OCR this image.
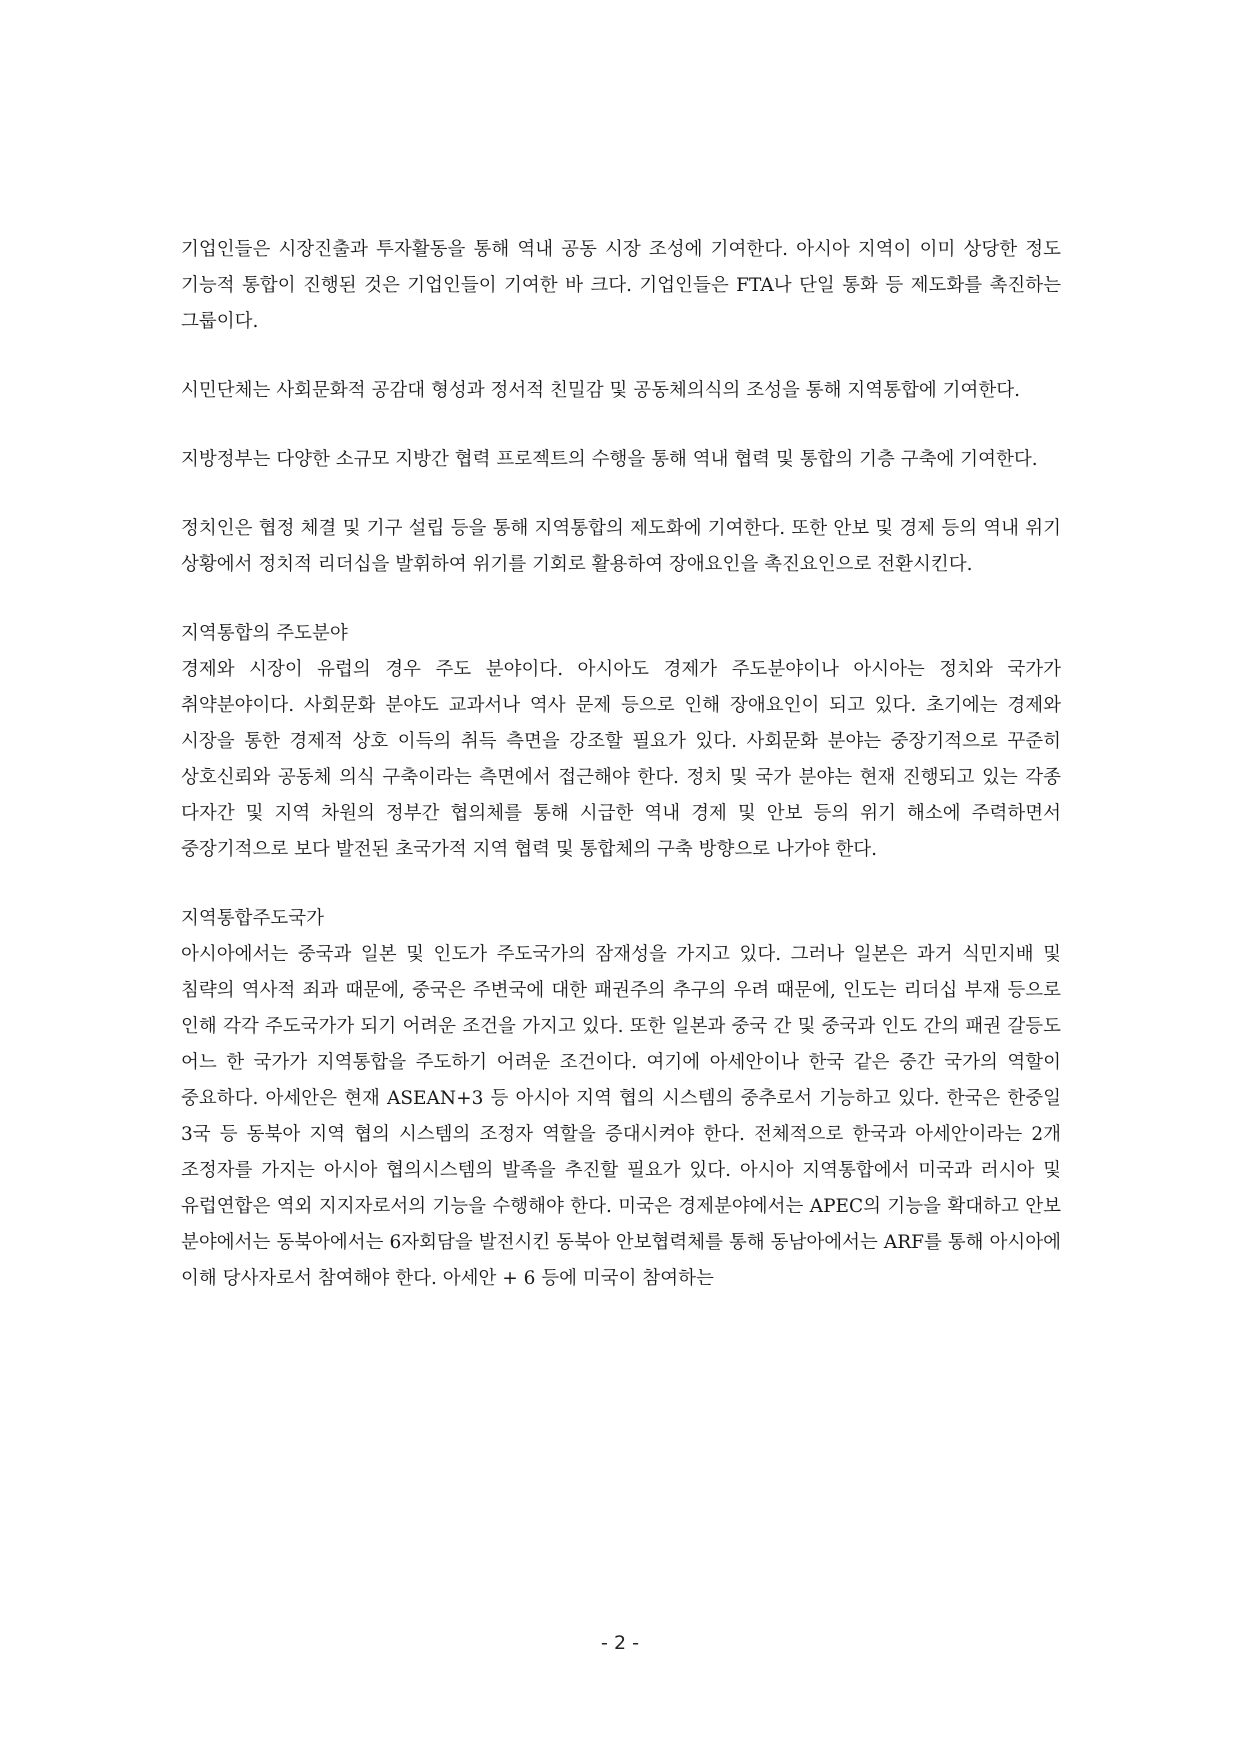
기업인들은 시장진출과 투자활동을 통해 역내 공동 시장 조성에 기여한다. 아시아 지역이 이미 상당한 정도 기능적 통합이 진행된 것은 기업인들이 기여한 바 크다. 기업인들은 FTA나 단일 통화 등 제도화를 촉진하는 그룹이다.

시민단체는 사회문화적 공감대 형성과 정서적 친밀감 및 공동체의식의 조성을 통해 지역통합에 기여한다.

지방정부는 다양한 소규모 지방간 협력 프로젝트의 수행을 통해 역내 협력 및 통합의 기층 구축에 기여한다.

정치인은 협정 체결 및 기구 설립 등을 통해 지역통합의 제도화에 기여한다. 또한 안보 및 경제 등의 역내 위기 상황에서 정치적 리더십을 발휘하여 위기를 기회로 활용하여 장애요인을 촉진요인으로 전환시킨다.

지역통합의 주도분야

경제와 시장이 유럽의 경우 주도 분야이다. 아시아도 경제가 주도분야이나 아시아는 정치와 국가가 취약분야이다. 사회문화 분야도 교과서나 역사 문제 등으로 인해 장애요인이 되고 있다. 초기에는 경제와 시장을 통한 경제적 상호 이득의 취득 측면을 강조할 필요가 있다. 사회문화 분야는 중장기적으로 꾸준히 상호신뢰와 공동체 의식 구축이라는 측면에서 접근해야 한다. 정치 및 국가 분야는 현재 진행되고 있는 각종 다자간 및 지역 차원의 정부간 협의체를 통해 시급한 역내 경제 및 안보 등의 위기 해소에 주력하면서 중장기적으로 보다 발전된 초국가적 지역 협력 및 통합체의 구축 방향으로 나가야 한다.

지역통합주도국가

아시아에서는 중국과 일본 및 인도가 주도국가의 잠재성을 가지고 있다. 그러나 일본은 과거 식민지배 및 침략의 역사적 죄과 때문에, 중국은 주변국에 대한 패권주의 추구의 우려 때문에, 인도는 리더십 부재 등으로 인해 각각 주도국가가 되기 어려운 조건을 가지고 있다. 또한 일본과 중국 간 및 중국과 인도 간의 패권 갈등도 어느 한 국가가 지역통합을 주도하기 어려운 조건이다. 여기에 아세안이나 한국 같은 중간 국가의 역할이 중요하다. 아세안은 현재 ASEAN+3 등 아시아 지역 협의 시스템의 중추로서 기능하고 있다. 한국은 한중일 3국 등 동북아 지역 협의 시스템의 조정자 역할을 증대시켜야 한다. 전체적으로 한국과 아세안이라는 2개 조정자를 가지는 아시아 협의시스템의 발족을 추진할 필요가 있다. 아시아 지역통합에서 미국과 러시아 및 유럽연합은 역외 지지자로서의 기능을 수행해야 한다. 미국은 경제분야에서는 APEC의 기능을 확대하고 안보 분야에서는 동북아에서는 6자회담을 발전시킨 동북아 안보협력체를 통해 동남아에서는 ARF를 통해 아시아에 이해 당사자로서 참여해야 한다. 아세안 + 6 등에 미국이 참여하는

- 2 -
